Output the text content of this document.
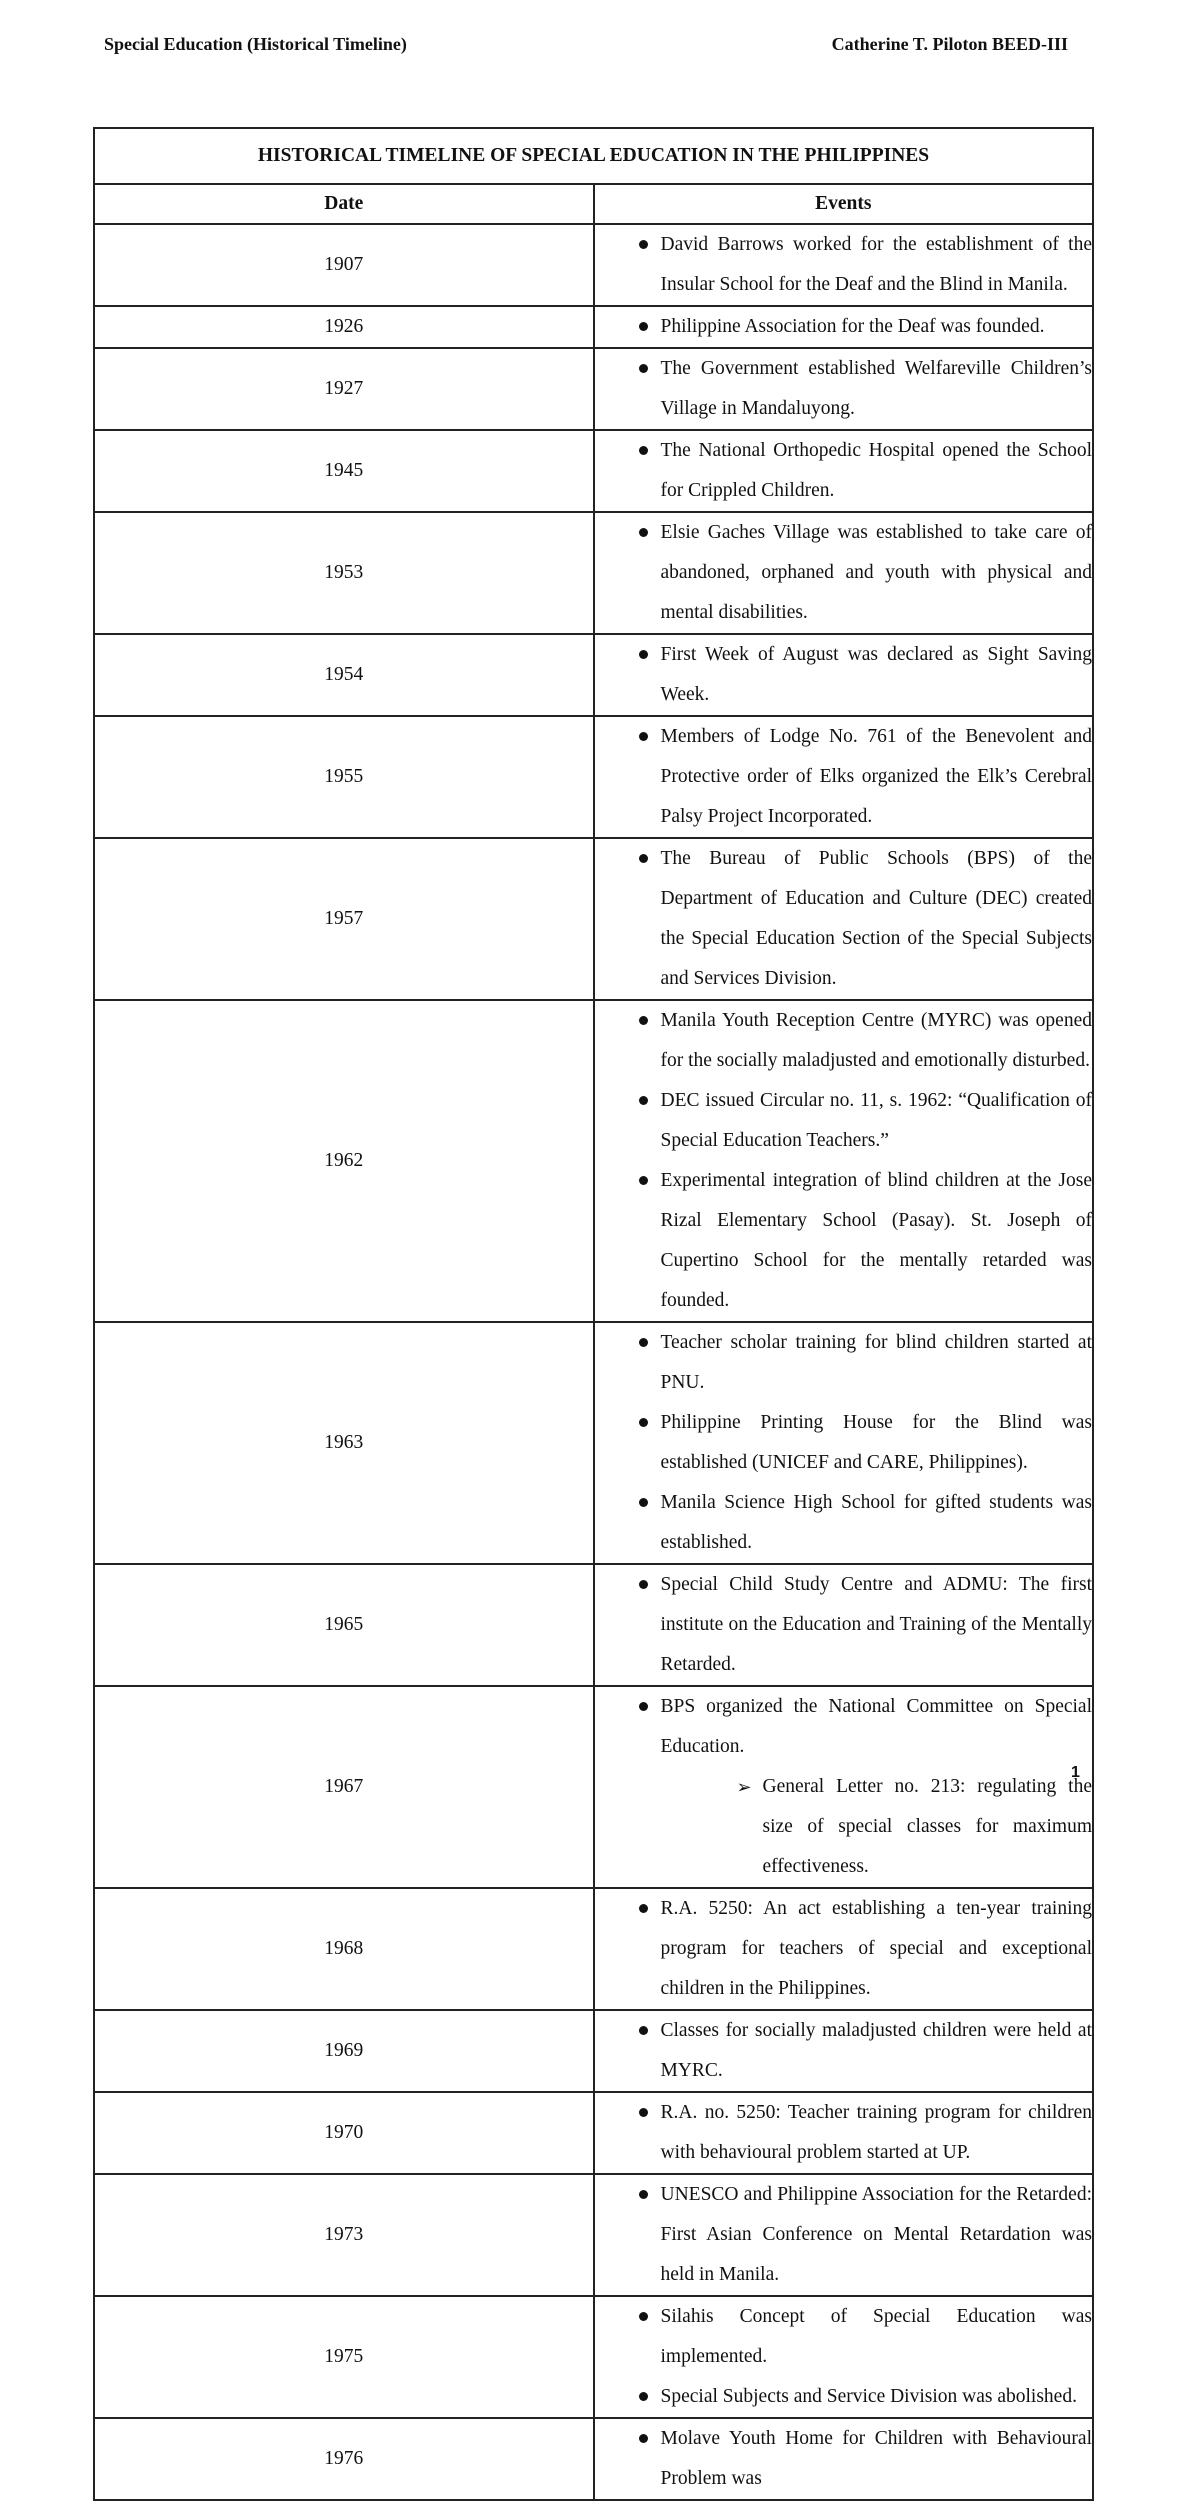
Special Education (Historical Timeline)	Catherine T. Piloton BEED-III
HISTORICAL TIMELINE OF SPECIAL EDUCATION IN THE PHILIPPINES	
Date	Events
1907	David Barrows worked for the establishment of the Insular School for the Deaf and the Blind in Manila.

1926	Philippine Association for the Deaf was founded.

1927	The Government established Welfareville Children’s Village in Mandaluyong.

1945	The National Orthopedic Hospital opened the School for Crippled Children.

1953	Elsie Gaches Village was established to take care of abandoned, orphaned and youth with physical and mental disabilities.

1954	First Week of August was declared as Sight Saving Week.

1955	Members of Lodge No. 761 of the Benevolent and Protective order of Elks organized the Elk’s Cerebral Palsy Project Incorporated.

1957	The Bureau of Public Schools (BPS) of the Department of Education and Culture (DEC) created the Special Education Section of the Special Subjects and Services Division.

1962	Manila Youth Reception Centre (MYRC) was opened for the socially maladjusted and emotionally disturbed.
DEC issued Circular no. 11, s. 1962: “Qualification of Special Education Teachers.”
Experimental integration of blind children at the Jose Rizal Elementary School (Pasay). St. Joseph of Cupertino School for the mentally retarded was founded.

1963	Teacher scholar training for blind children started at PNU.
Philippine Printing House for the Blind was established (UNICEF and CARE, Philippines).
Manila Science High School for gifted students was established.

1965	Special Child Study Centre and ADMU: The first institute on the Education and Training of the Mentally Retarded.

1967	BPS organized the National Committee on Special Education.
➢ General Letter no. 213: regulating the size of special classes for maximum effectiveness.

1968	R.A. 5250: An act establishing a ten-year training program for teachers of special and exceptional children in the Philippines.

1969	Classes for socially maladjusted children were held at MYRC.

1970	R.A. no. 5250: Teacher training program for children with behavioural problem started at UP.

1973	UNESCO and Philippine Association for the Retarded: First Asian Conference on Mental Retardation was held in Manila.

1975	Silahis Concept of Special Education was implemented.
Special Subjects and Service Division was abolished.

1976	Molave Youth Home for Children with Behavioural Problem was
1
